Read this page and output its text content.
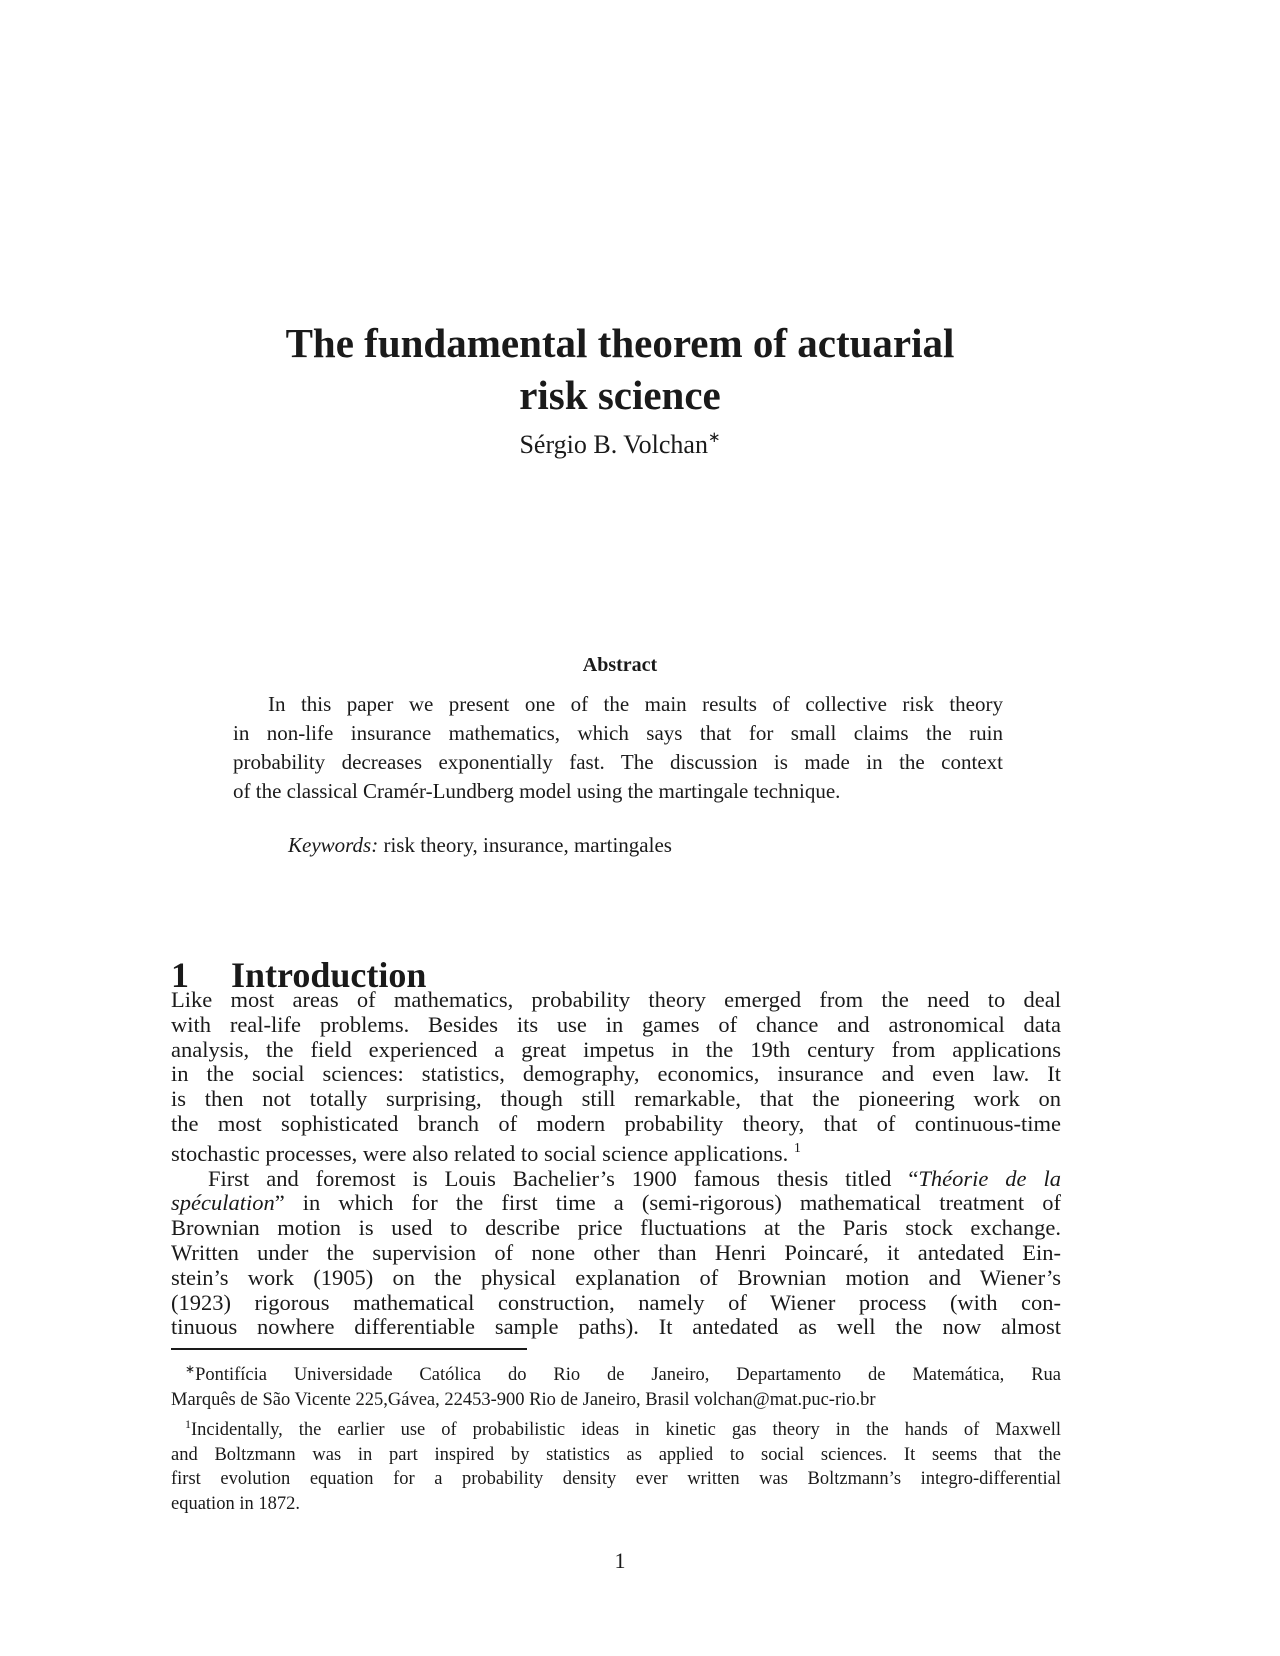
The fundamental theorem of actuarial
risk science
Sérgio B. Volchan∗
Abstract
In this paper we present one of the main results of collective risk theory
in non-life insurance mathematics, which says that for small claims the ruin
probability decreases exponentially fast. The discussion is made in the context
of the classical Cramér-Lundberg model using the martingale technique.
Keywords: risk theory, insurance, martingales
1 Introduction
Like most areas of mathematics, probability theory emerged from the need to deal
with real-life problems. Besides its use in games of chance and astronomical data
analysis, the field experienced a great impetus in the 19th century from applications
in the social sciences: statistics, demography, economics, insurance and even law. It
is then not totally surprising, though still remarkable, that the pioneering work on
the most sophisticated branch of modern probability theory, that of continuous-time
stochastic processes, were also related to social science applications. $^1$
First and foremost is Louis Bachelier’s 1900 famous thesis titled “Théorie de la
spéculation” in which for the first time a (semi-rigorous) mathematical treatment of
Brownian motion is used to describe price fluctuations at the Paris stock exchange.
Written under the supervision of none other than Henri Poincaré, it antedated Ein-
stein’s work (1905) on the physical explanation of Brownian motion and Wiener’s
(1923) rigorous mathematical construction, namely of Wiener process (with con-
tinuous nowhere differentiable sample paths). It antedated as well the now almost
∗Pontifícia Universidade Católica do Rio de Janeiro, Departamento de Matemática, Rua
Marquês de São Vicente 225,Gávea, 22453-900 Rio de Janeiro, Brasil volchan@mat.puc-rio.br
$^1$Incidentally, the earlier use of probabilistic ideas in kinetic gas theory in the hands of Maxwell
and Boltzmann was in part inspired by statistics as applied to social sciences. It seems that the
first evolution equation for a probability density ever written was Boltzmann’s integro-differential
equation in 1872.
1
